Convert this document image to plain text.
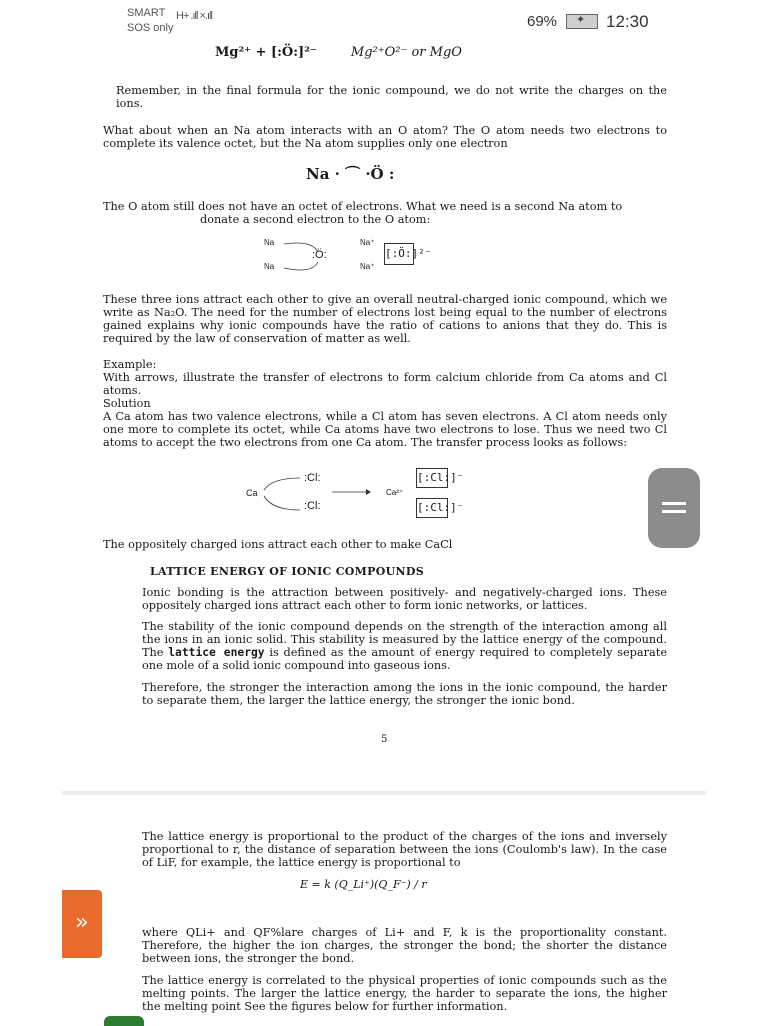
SMART
SOS only
H+ .ıll ×.ıll	69% ✦ 12:30
Mg²⁺ + [:Ö:]²⁻	Mg²⁺O²⁻ or MgO

Remember, in the final formula for the ionic compound, we do not write the charges on the ions.

What about when an Na atom interacts with an O atom? The O atom needs two electrons to complete its valence octet, but the Na atom supplies only one electron

Na · ⌒ ·Ö :

The O atom still does not have an octet of electrons. What we need is a second Na atom to

donate a second electron to the O atom:

Na
Na
:Ö:
Na⁺
Na⁺
[:Ö:]²⁻

These three ions attract each other to give an overall neutral-charged ionic compound, which we write as Na₂O. The need for the number of electrons lost being equal to the number of electrons gained explains why ionic compounds have the ratio of cations to anions that they do. This is required by the law of conservation of matter as well.

Example:

With arrows, illustrate the transfer of electrons to form calcium chloride from Ca atoms and Cl atoms.

Solution

A Ca atom has two valence electrons, while a Cl atom has seven electrons. A Cl atom needs only one more to complete its octet, while Ca atoms have two electrons to lose. Thus we need two Cl atoms to accept the two electrons from one Ca atom. The transfer process looks as follows:

Ca
:Cl:
:Cl:
Ca²⁺
[:Cl:]⁻
[:Cl:]⁻

The oppositely charged ions attract each other to make CaCl

LATTICE ENERGY OF IONIC COMPOUNDS

Ionic bonding is the attraction between positively- and negatively-charged ions. These oppositely charged ions attract each other to form ionic networks, or lattices.

The stability of the ionic compound depends on the strength of the interaction among all the ions in an ionic solid. This stability is measured by the lattice energy of the compound. The lattice energy is defined as the amount of energy required to completely separate one mole of a solid ionic compound into gaseous ions.

Therefore, the stronger the interaction among the ions in the ionic compound, the harder to separate them, the larger the lattice energy, the stronger the ionic bond.

5

The lattice energy is proportional to the product of the charges of the ions and inversely proportional to r, the distance of separation between the ions (Coulomb's law). In the case of LiF, for example, the lattice energy is proportional to

E = k (Q_Li⁺)(Q_F⁻) / r

where QLi+ and QF%lare charges of Li+ and F, k is the proportionality constant. Therefore, the higher the ion charges, the stronger the bond; the shorter the distance between ions, the stronger the bond.

The lattice energy is correlated to the physical properties of ionic compounds such as the melting points. The larger the lattice energy, the harder to separate the ions, the higher the melting point See the figures below for further information.

»
